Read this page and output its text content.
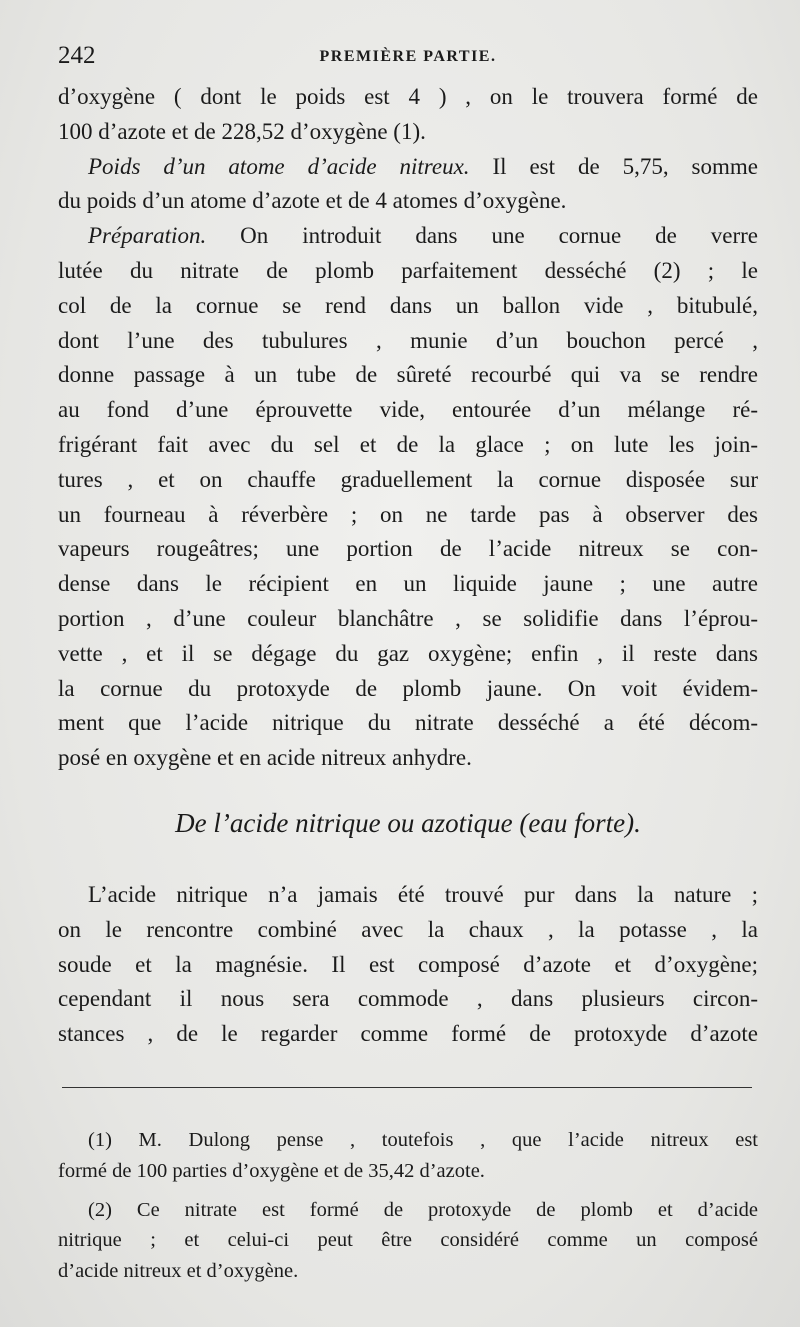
242	PREMIÈRE PARTIE.
d’oxygène ( dont le poids est 4 ) , on le trouvera formé de
100 d’azote et de 228,52 d’oxygène (1).
Poids d’un atome d’acide nitreux. Il est de 5,75, somme
du poids d’un atome d’azote et de 4 atomes d’oxygène.
Préparation. On introduit dans une cornue de verre
lutée du nitrate de plomb parfaitement desséché (2) ; le
col de la cornue se rend dans un ballon vide , bitubulé,
dont l’une des tubulures , munie d’un bouchon percé ,
donne passage à un tube de sûreté recourbé qui va se rendre
au fond d’une éprouvette vide, entourée d’un mélange ré-
frigérant fait avec du sel et de la glace ; on lute les join-
tures , et on chauffe graduellement la cornue disposée sur
un fourneau à réverbère ; on ne tarde pas à observer des
vapeurs rougeâtres; une portion de l’acide nitreux se con-
dense dans le récipient en un liquide jaune ; une autre
portion , d’une couleur blanchâtre , se solidifie dans l’éprou-
vette , et il se dégage du gaz oxygène; enfin , il reste dans
la cornue du protoxyde de plomb jaune. On voit évidem-
ment que l’acide nitrique du nitrate desséché a été décom-
posé en oxygène et en acide nitreux anhydre.
De l’acide nitrique ou azotique (eau forte).
L’acide nitrique n’a jamais été trouvé pur dans la nature ;
on le rencontre combiné avec la chaux , la potasse , la
soude et la magnésie. Il est composé d’azote et d’oxygène;
cependant il nous sera commode , dans plusieurs circon-
stances , de le regarder comme formé de protoxyde d’azote
(1) M. Dulong pense , toutefois , que l’acide nitreux est
formé de 100 parties d’oxygène et de 35,42 d’azote.
(2) Ce nitrate est formé de protoxyde de plomb et d’acide
nitrique ; et celui-ci peut être considéré comme un composé
d’acide nitreux et d’oxygène.
